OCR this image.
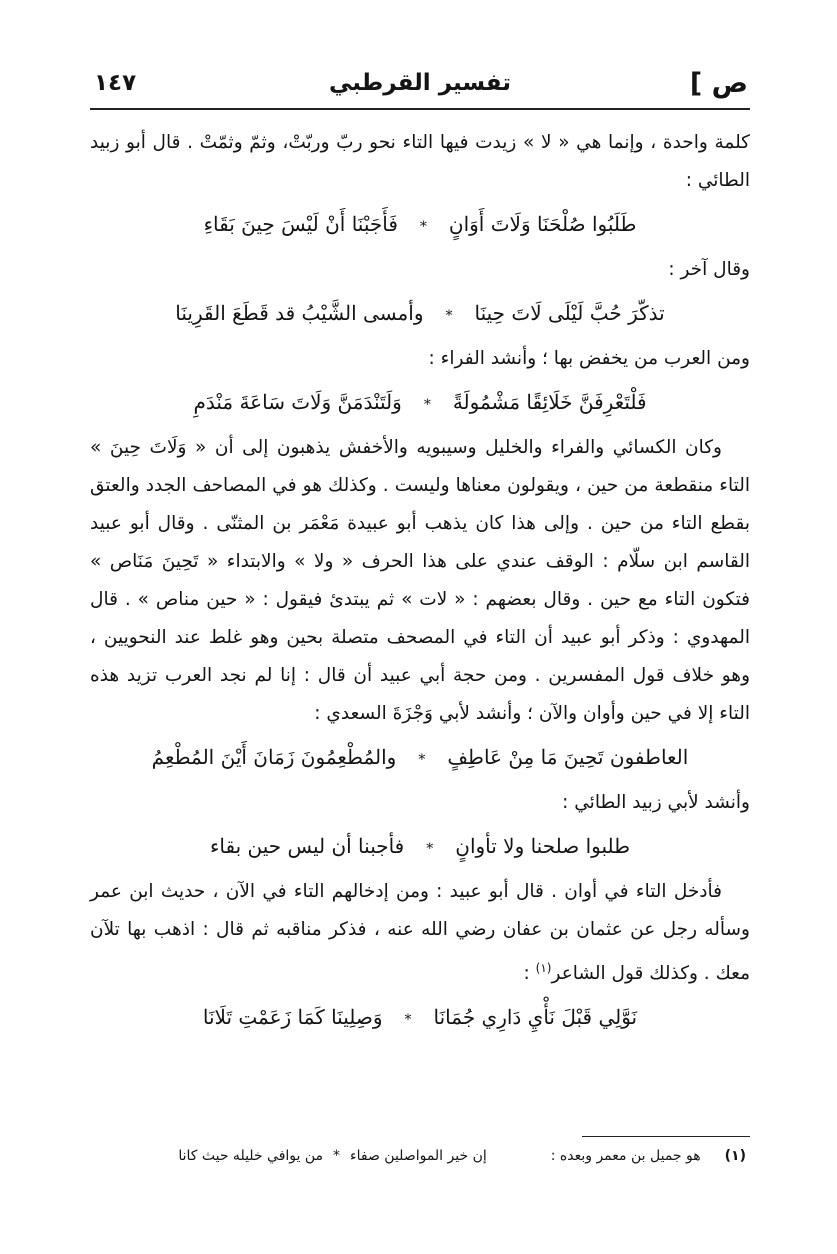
ص ]
تفسير القرطبي
١٤٧

كلمة واحدة ، وإنما هي « لا » زيدت فيها التاء نحو ربّ وربّتْ، وثمّ وثمّتْ . قال أبو زبيد الطائي :

طَلَبُوا صُلْحَنَا وَلَاتَ أَوَانٍ
*
فَأَجَبْنَا أَنْ لَيْسَ حِينَ بَقَاءِ

وقال آخر :

تذكّرَ حُبَّ لَيْلَى لَاتَ حِينَا
*
وأمسى الشَّيْبُ قد قَطَعَ القَرِينَا

ومن العرب من يخفض بها ؛ وأنشد الفراء :

فَلْتَعْرِفَنَّ خَلَائِقًا مَشْمُولَةً
*
وَلَتَنْدَمَنَّ وَلَاتَ سَاعَةَ مَنْدَمِ

وكان الكسائي والفراء والخليل وسيبويه والأخفش يذهبون إلى أن « وَلَاتَ حِينَ » التاء منقطعة من حين ، ويقولون معناها وليست . وكذلك هو في المصاحف الجدد والعتق بقطع التاء من حين . وإلى هذا كان يذهب أبو عبيدة مَعْمَر بن المثنّى . وقال أبو عبيد القاسم ابن سلّام : الوقف عندي على هذا الحرف « ولا » والابتداء « تَحِينَ مَنَاص » فتكون التاء مع حين . وقال بعضهم : « لات » ثم يبتدئ فيقول : « حين مناص » . قال المهدوي : وذكر أبو عبيد أن التاء في المصحف متصلة بحين وهو غلط عند النحويين ، وهو خلاف قول المفسرين . ومن حجة أبي عبيد أن قال : إنا لم نجد العرب تزيد هذه التاء إلا في حين وأوان والآن ؛ وأنشد لأبي وَجْزَةَ السعدي :

العاطفون تَحِينَ مَا مِنْ عَاطِفٍ
*
والمُطْعِمُونَ زَمَانَ أَيْنَ المُطْعِمُ

وأنشد لأبي زبيد الطائي :

طلبوا صلحنا ولا تأوانٍ
*
فأجبنا أن ليس حين بقاء

فأدخل التاء في أوان . قال أبو عبيد : ومن إدخالهم التاء في الآن ، حديث ابن عمر وسأله رجل عن عثمان بن عفان رضي الله عنه ، فذكر مناقبه ثم قال : اذهب بها تلآن معك . وكذلك قول الشاعر$^{(١)}$ :

نَوَّلِي قَبْلَ نَأْيِ دَارِي جُمَانَا
*
وَصِلِينَا كَمَا زَعَمْتِ تَلَانَا
(١)
هو جميل بن معمر وبعده :
إن خير المواصلين صفاء
*
من يوافي خليله حيث كانا
